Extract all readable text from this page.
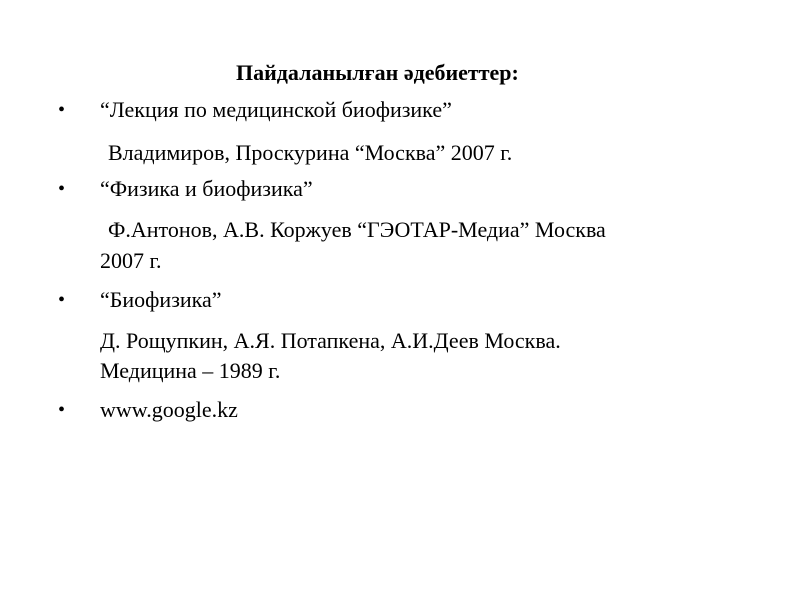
Пайдаланылған әдебиеттер:
• “Лекция по медицинской биофизике”
Владимиров, Проскурина “Москва” 2007 г.
• “Физика и биофизика”
Ф.Антонов, А.В. Коржуев “ГЭОТАР-Медиа” Москва
2007 г.
• “Биофизика”
Д. Рощупкин, А.Я. Потапкена, А.И.Деев Москва.
Медицина – 1989 г.
• www.google.kz
